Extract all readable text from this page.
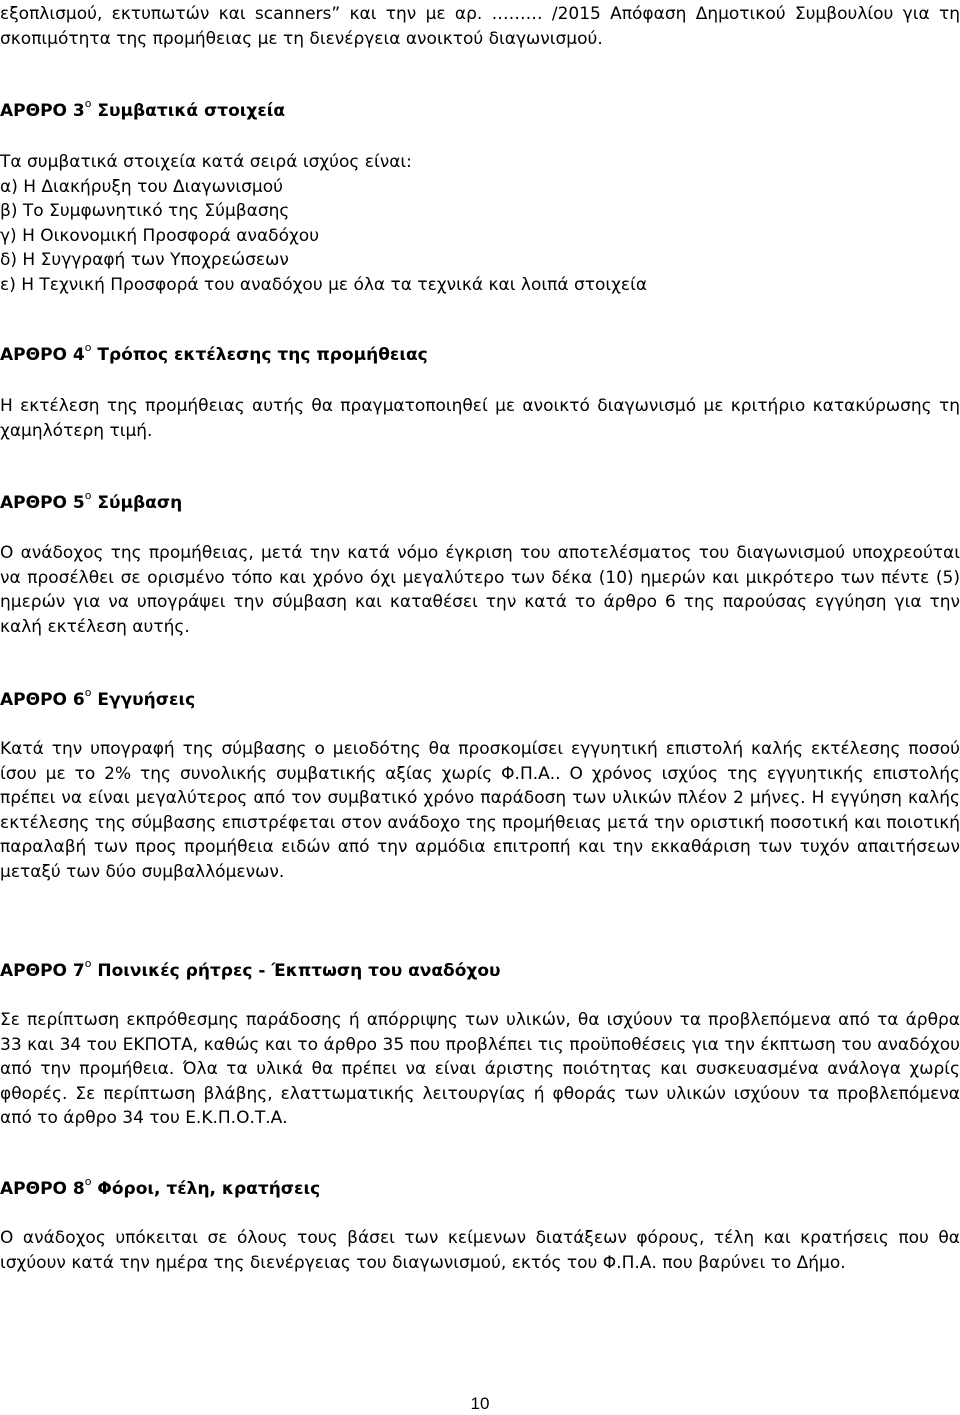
εξοπλισμού, εκτυπωτών και scanners” και την με αρ. ……… /2015 Απόφαση Δημοτικού Συμβουλίου για τη σκοπιμότητα της προμήθειας με τη διενέργεια ανοικτού διαγωνισμού.
ΑΡΘΡΟ $3^o$ Συμβατικά στοιχεία
Τα συμβατικά στοιχεία κατά σειρά ισχύος είναι:
α) Η Διακήρυξη του Διαγωνισμού
β) Το Συμφωνητικό της Σύμβασης
γ) Η Οικονομική Προσφορά αναδόχου
δ) Η Συγγραφή των Υποχρεώσεων
ε) Η Τεχνική Προσφορά του αναδόχου με όλα τα τεχνικά και λοιπά στοιχεία
ΑΡΘΡΟ $4^o$ Τρόπος εκτέλεσης της προμήθειας
Η εκτέλεση της προμήθειας αυτής θα πραγματοποιηθεί με ανοικτό διαγωνισμό με κριτήριο κατακύρωσης τη χαμηλότερη τιμή.
ΑΡΘΡΟ $5^o$ Σύμβαση
Ο ανάδοχος της προμήθειας, μετά την κατά νόμο έγκριση του αποτελέσματος του διαγωνισμού υποχρεούται να προσέλθει σε ορισμένο τόπο και χρόνο όχι μεγαλύτερο των δέκα (10) ημερών και μικρότερο των πέντε (5) ημερών για να υπογράψει την σύμβαση και καταθέσει την κατά το άρθρο 6 της παρούσας εγγύηση για την καλή εκτέλεση αυτής.
ΑΡΘΡΟ $6^o$ Εγγυήσεις
Κατά την υπογραφή της σύμβασης ο μειοδότης θα προσκομίσει εγγυητική επιστολή καλής εκτέλεσης ποσού ίσου με το 2% της συνολικής συμβατικής αξίας χωρίς Φ.Π.Α.. Ο χρόνος ισχύος της εγγυητικής επιστολής πρέπει να είναι μεγαλύτερος από τον συμβατικό χρόνο παράδοση των υλικών πλέον 2 μήνες. Η εγγύηση καλής εκτέλεσης της σύμβασης επιστρέφεται στον ανάδοχο της προμήθειας μετά την οριστική ποσοτική και ποιοτική παραλαβή των προς προμήθεια ειδών από την αρμόδια επιτροπή και την εκκαθάριση των τυχόν απαιτήσεων μεταξύ των δύο συμβαλλόμενων.
ΑΡΘΡΟ $7^o$ Ποινικές ρήτρες - Έκπτωση του αναδόχου
Σε περίπτωση εκπρόθεσμης παράδοσης ή απόρριψης των υλικών, θα ισχύουν τα προβλεπόμενα από τα άρθρα 33 και 34 του ΕΚΠΟΤΑ, καθώς και το άρθρο 35 που προβλέπει τις προϋποθέσεις για την έκπτωση του αναδόχου από την προμήθεια. Όλα τα υλικά θα πρέπει να είναι άριστης ποιότητας και συσκευασμένα ανάλογα χωρίς φθορές. Σε περίπτωση βλάβης, ελαττωματικής λειτουργίας ή φθοράς των υλικών ισχύουν τα προβλεπόμενα από το άρθρο 34 του Ε.Κ.Π.Ο.Τ.Α.
ΑΡΘΡΟ $8^o$ Φόροι, τέλη, κρατήσεις
Ο ανάδοχος υπόκειται σε όλους τους βάσει των κείμενων διατάξεων φόρους, τέλη και κρατήσεις που θα ισχύουν κατά την ημέρα της διενέργειας του διαγωνισμού, εκτός του Φ.Π.Α. που βαρύνει το Δήμο.
10
